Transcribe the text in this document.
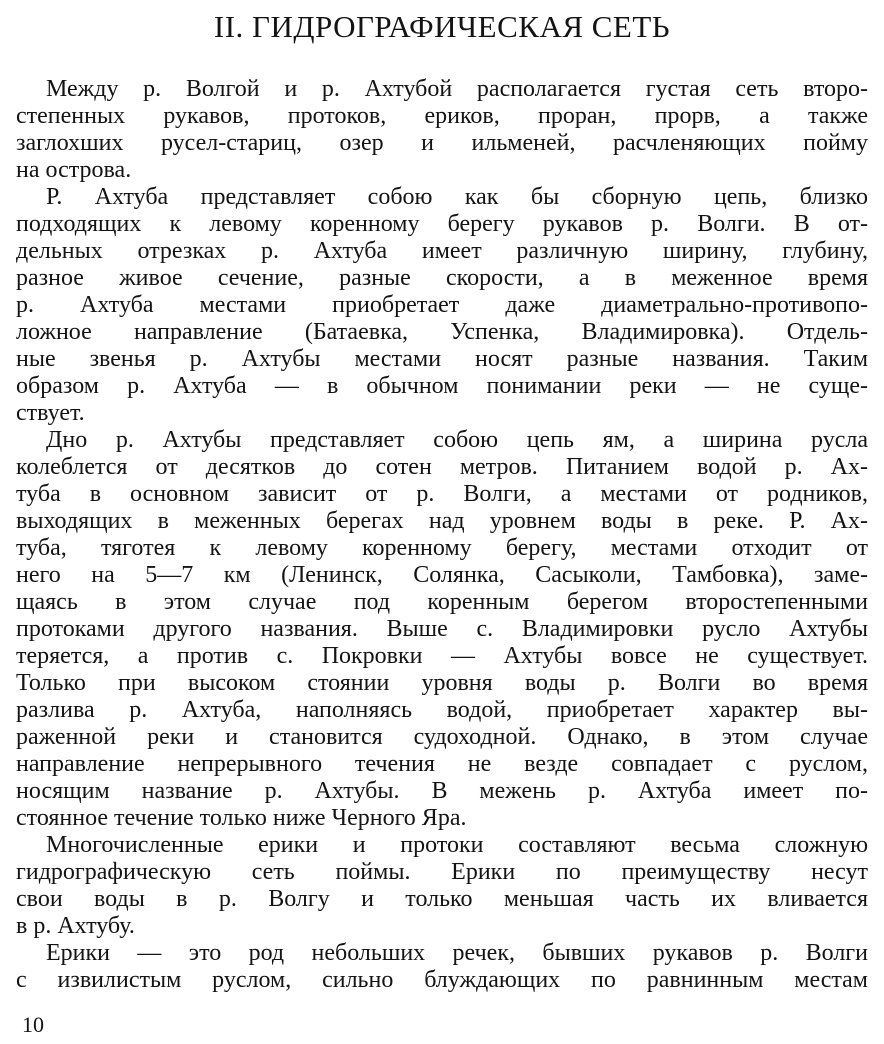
II. ГИДРОГРАФИЧЕСКАЯ СЕТЬ
Между р. Волгой и р. Ахтубой располагается густая сеть второ-
степенных рукавов, протоков, ериков, проран, прорв, а также
заглохших русел-стариц, озер и ильменей, расчленяющих пойму
на острова.
Р. Ахтуба представляет собою как бы сборную цепь, близко
подходящих к левому коренному берегу рукавов р. Волги. В от-
дельных отрезках р. Ахтуба имеет различную ширину, глубину,
разное живое сечение, разные скорости, а в меженное время
р. Ахтуба местами приобретает даже диаметрально-противопо-
ложное направление (Батаевка, Успенка, Владимировка). Отдель-
ные звенья р. Ахтубы местами носят разные названия. Таким
образом р. Ахтуба — в обычном понимании реки — не суще-
ствует.
Дно р. Ахтубы представляет собою цепь ям, а ширина русла
колеблется от десятков до сотен метров. Питанием водой р. Ах-
туба в основном зависит от р. Волги, а местами от родников,
выходящих в меженных берегах над уровнем воды в реке. Р. Ах-
туба, тяготея к левому коренному берегу, местами отходит от
него на 5—7 км (Ленинск, Солянка, Сасыколи, Тамбовка), заме-
щаясь в этом случае под коренным берегом второстепенными
протоками другого названия. Выше с. Владимировки русло Ахтубы
теряется, а против с. Покровки — Ахтубы вовсе не существует.
Только при высоком стоянии уровня воды р. Волги во время
разлива р. Ахтуба, наполняясь водой, приобретает характер вы-
раженной реки и становится судоходной. Однако, в этом случае
направление непрерывного течения не везде совпадает с руслом,
носящим название р. Ахтубы. В межень р. Ахтуба имеет по-
стоянное течение только ниже Черного Яра.
Многочисленные ерики и протоки составляют весьма сложную
гидрографическую сеть поймы. Ерики по преимуществу несут
свои воды в р. Волгу и только меньшая часть их вливается
в р. Ахтубу.
Ерики — это род небольших речек, бывших рукавов р. Волги
с извилистым руслом, сильно блуждающих по равнинным местам
10
